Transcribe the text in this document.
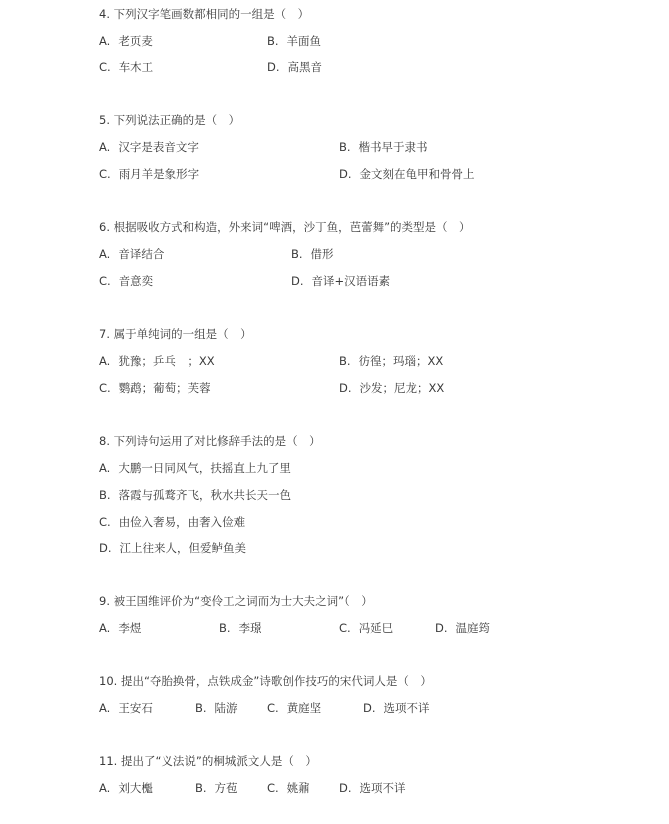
4. 下列汉字笔画数都相同的一组是（　）
A. 老页麦	B. 羊面鱼
C. 车木工	D. 高黑音
5. 下列说法正确的是（　）
A. 汉字是表音文字	B. 楷书早于隶书
C. 雨月羊是象形字	D. 金文刻在龟甲和骨骨上
6. 根据吸收方式和构造，外来词“啤酒，沙丁鱼，芭蕾舞”的类型是（　）
A. 音译结合	B. 借形
C. 音意奕	D. 音译+汉语语素
7. 属于单纯词的一组是（　）
A. 犹豫；乒乓　；XX	B. 彷徨；玛瑙；XX
C. 鹦鹉；葡萄；芙蓉	D. 沙发；尼龙；XX
8. 下列诗句运用了对比修辞手法的是（　）
A. 大鹏一日同风气，扶摇直上九了里
B. 落霞与孤鹜齐飞，秋水共长天一色
C. 由俭入奢易，由奢入俭难
D. 江上往来人，但爱鲈鱼美
9. 被王国维评价为“变伶工之词而为士大夫之词”（　）
A. 李煜	B. 李璟	C. 冯延巳	D. 温庭筠
10. 提出“夺胎换骨，点铁成金”诗歌创作技巧的宋代词人是（　）
A. 王安石	B. 陆游	C. 黄庭坚	D. 选项不详
11. 提出了“义法说”的桐城派文人是（　）
A. 刘大櫆	B. 方苞	C. 姚鼐	D. 选项不详
